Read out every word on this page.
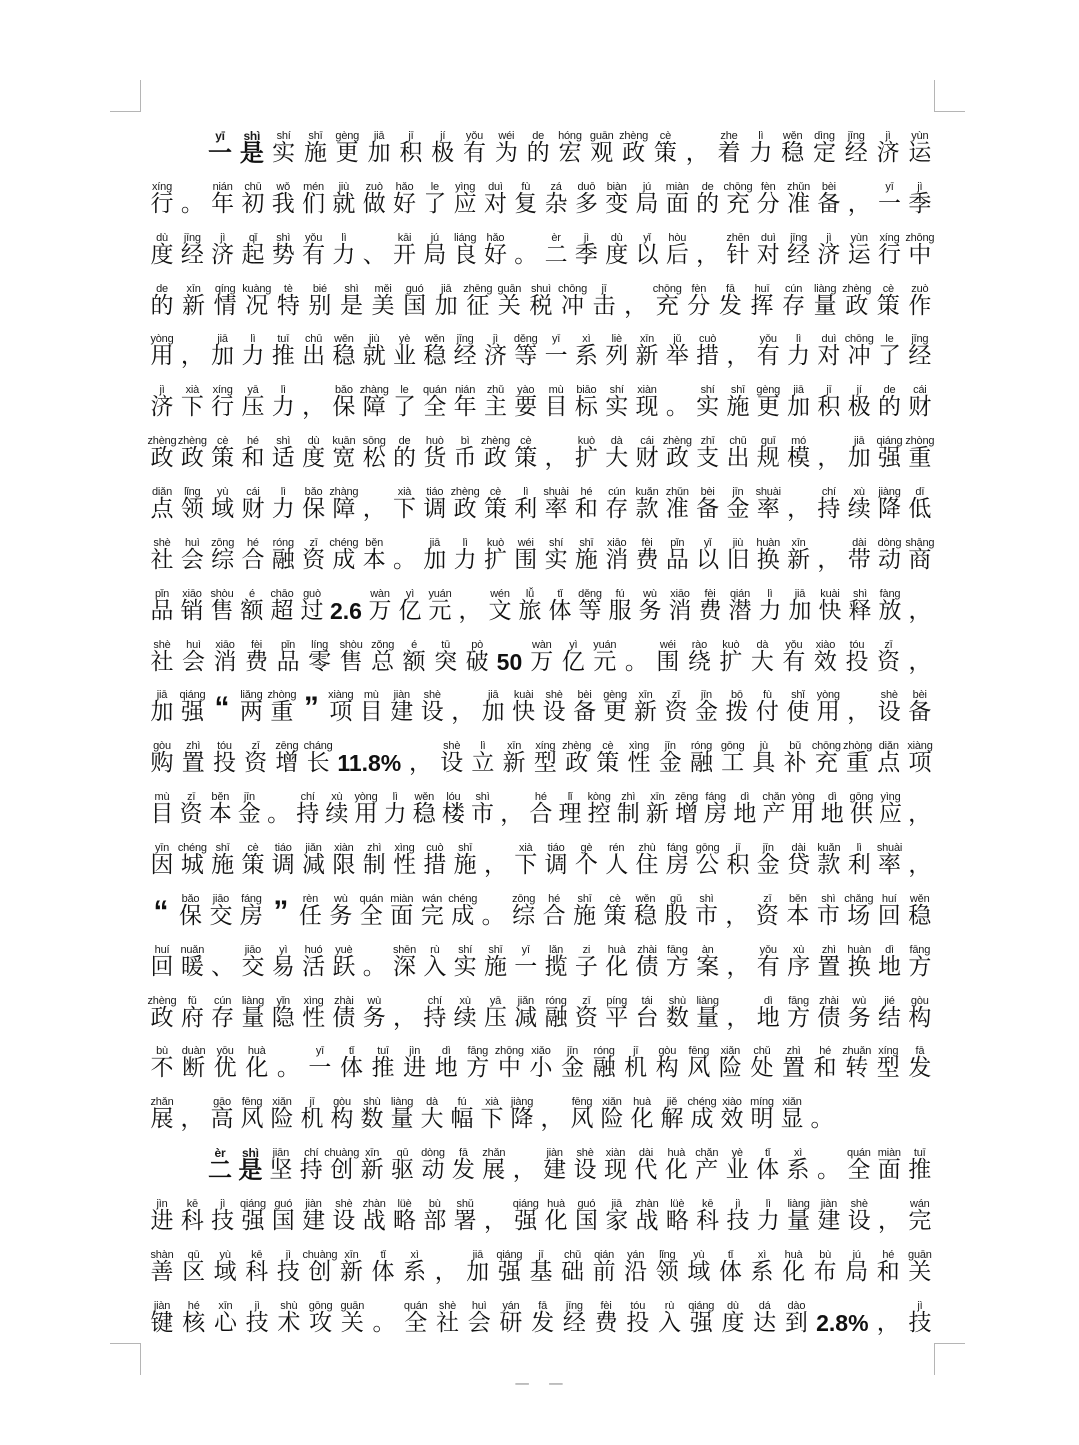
yī
一
shì
是
shí
实
shī
施
gèng
更
jiā
加
jī
积
jí
极
yǒu
有
wéi
为
de
的
hóng
宏
guān
观
zhèng
政
cè
策 ，
zhe
着
lì
力
wěn
稳
dìng
定
jīng
经
jì
济
yùn
运
xíng
行 。
nián
年
chū
初
wǒ
我
mén
们
jiù
就
zuò
做
hǎo
好
le
了
yìng
应
duì
对
fù
复
zá
杂
duō
多
biàn
变
jú
局
miàn
面
de
的
chōng
充
fèn
分
zhǔn
准
bèi
备 ，
yī
一
jì
季
dù
度
jīng
经
jì
济
qǐ
起
shì
势
yǒu
有
lì
力 、
kāi
开
jú
局
liáng
良
hǎo
好 。
èr
二
jì
季
dù
度
yǐ
以
hòu
后 ，
zhēn
针
duì
对
jīng
经
jì
济
yùn
运
xíng
行
zhōng
中
de
的
xīn
新
qíng
情
kuàng
况
tè
特
bié
别
shì
是
měi
美
guó
国
jiā
加
zhēng
征
guān
关
shuì
税
chōng
冲
jī
击 ，
chōng
充
fèn
分
fā
发
huī
挥
cún
存
liàng
量
zhèng
政
cè
策
zuò
作
yòng
用 ，
jiā
加
lì
力
tuī
推
chū
出
wěn
稳
jiù
就
yè
业
wěn
稳
jīng
经
jì
济
děng
等
yī
一
xì
系
liè
列
xīn
新
jǔ
举
cuò
措 ，
yǒu
有
lì
力
duì
对
chōng
冲
le
了
jīng
经
jì
济
xià
下
xíng
行
yā
压
lì
力 ，
bǎo
保
zhàng
障
le
了
quán
全
nián
年
zhǔ
主
yào
要
mù
目
biāo
标
shí
实
xiàn
现 。
shí
实
shī
施
gèng
更
jiā
加
jī
积
jí
极
de
的
cái
财
zhèng
政
zhèng
政
cè
策
hé
和
shì
适
dù
度
kuān
宽
sōng
松
de
的
huò
货
bì
币
zhèng
政
cè
策 ，
kuò
扩
dà
大
cái
财
zhèng
政
zhī
支
chū
出
guī
规
mó
模 ，
jiā
加
qiáng
强
zhòng
重
diǎn
点
lǐng
领
yù
域
cái
财
lì
力
bǎo
保
zhàng
障 ，
xià
下
tiáo
调
zhèng
政
cè
策
lì
利
shuài
率
hé
和
cún
存
kuǎn
款
zhǔn
准
bèi
备
jīn
金
shuài
率 ，
chí
持
xù
续
jiàng
降
dī
低
shè
社
huì
会
zōng
综
hé
合
róng
融
zī
资
chéng
成
běn
本 。
jiā
加
lì
力
kuò
扩
wéi
围
shí
实
shī
施
xiāo
消
fèi
费
pǐn
品
yǐ
以
jiù
旧
huàn
换
xīn
新 ，
dài
带
dòng
动
shāng
商
pǐn
品
xiāo
销
shòu
售
é
额
chāo
超
guò
过 2.6
wàn
万
yì
亿
yuán
元 ，
wén
文
lǚ
旅
tǐ
体
děng
等
fú
服
wù
务
xiāo
消
fèi
费
qián
潜
lì
力
jiā
加
kuài
快
shì
释
fàng
放 ，
shè
社
huì
会
xiāo
消
fèi
费
pǐn
品
líng
零
shòu
售
zǒng
总
é
额
tū
突
pò
破 50
wàn
万
yì
亿
yuán
元 。
wéi
围
rào
绕
kuò
扩
dà
大
yǒu
有
xiào
效
tóu
投
zī
资 ，
jiā
加
qiáng
强 “ liǎng
两
zhòng
重 ” xiàng
项
mù
目
jiàn
建
shè
设 ，
jiā
加
kuài
快
shè
设
bèi
备
gèng
更
xīn
新
zī
资
jīn
金
bō
拨
fù
付
shǐ
使
yòng
用 ，
shè
设
bèi
备
gòu
购
zhì
置
tóu
投
zī
资
zēng
增
cháng
长 11.8% ，
shè
设
lì
立
xīn
新
xíng
型
zhèng
政
cè
策
xìng
性
jīn
金
róng
融
gōng
工
jù
具
bǔ
补
chōng
充
zhòng
重
diǎn
点
xiàng
项
mù
目
zī
资
běn
本
jīn
金 。
chí
持
xù
续
yòng
用
lì
力
wěn
稳
lóu
楼
shì
市 ，
hé
合
lǐ
理
kòng
控
zhì
制
xīn
新
zēng
增
fáng
房
dì
地
chǎn
产
yòng
用
dì
地
gōng
供
yìng
应 ，
yīn
因
chéng
城
shī
施
cè
策
tiáo
调
jiǎn
减
xiàn
限
zhì
制
xìng
性
cuò
措
shī
施 ，
xià
下
tiáo
调
gè
个
rén
人
zhù
住
fáng
房
gōng
公
jī
积
jīn
金
dài
贷
kuǎn
款
lì
利
shuài
率 ，
“	bǎo
保
jiāo
交
fáng
房 ”	rèn
任
wù
务
quán
全
miàn
面
wán
完
chéng
成 。
zōng
综
hé
合
shī
施
cè
策
wěn
稳
gǔ
股
shì
市 ，
zī
资
běn
本
shì
市
chǎng
场
huí
回
wěn
稳
huí
回
nuǎn
暖 、
jiāo
交
yì
易
huó
活
yuè
跃 。
shēn
深
rù
入
shí
实
shī
施
yī
一
lǎn
揽
zi
子
huà
化
zhài
债
fāng
方
àn
案 ，
yǒu
有
xù
序
zhì
置
huàn
换
dì
地
fāng
方
zhèng
政
fǔ
府
cún
存
liàng
量
yǐn
隐
xìng
性
zhài
债
wù
务 ，
chí
持
xù
续
yā
压
jiǎn
减
róng
融
zī
资
píng
平
tái
台
shù
数
liàng
量 ，
dì
地
fāng
方
zhài
债
wù
务
jié
结
gòu
构
bù
不
duàn
断
yōu
优
huà
化 。
yī
一
tǐ
体
tuī
推
jìn
进
dì
地
fāng
方
zhōng
中
xiǎo
小
jīn
金
róng
融
jī
机
gòu
构
fēng
风
xiǎn
险
chǔ
处
zhì
置
hé
和
zhuǎn
转
xíng
型
fā
发
zhǎn
展 ，
gāo
高
fēng
风
xiǎn
险
jī
机
gòu
构
shù
数
liàng
量
dà
大
fú
幅
xià
下
jiàng
降 ，
fēng
风
xiǎn
险
huà
化
jiě
解
chéng
成
xiào
效
míng
明
xiǎn
显 。
èr
二
shì
是
jiān
坚
chí
持
chuàng
创
xīn
新
qū
驱
dòng
动
fā
发
zhǎn
展 ，
jiàn
建
shè
设
xiàn
现
dài
代
huà
化
chǎn
产
yè
业
tǐ
体
xì
系 。
quán
全
miàn
面
tuī
推
jìn
进
kē
科
jì
技
qiáng
强
guó
国
jiàn
建
shè
设
zhàn
战
lüè
略
bù
部
shǔ
署 ，
qiáng
强
huà
化
guó
国
jiā
家
zhàn
战
lüè
略
kē
科
jì
技
lì
力
liàng
量
jiàn
建
shè
设 ，
wán
完
shàn
善
qū
区
yù
域
kē
科
jì
技
chuàng
创
xīn
新
tǐ
体
xì
系 ，
jiā
加
qiáng
强
jī
基
chǔ
础
qián
前
yán
沿
lǐng
领
yù
域
tǐ
体
xì
系
huà
化
bù
布
jú
局
hé
和
guān
关
jiàn
键
hé
核
xīn
心
jì
技
shù
术
gōng
攻
guān
关 。
quán
全
shè
社
huì
会
yán
研
fā
发
jīng
经
fèi
费
tóu
投
rù
入
qiáng
强
dù
度
dá
达
dào
到 2.8% ，
jì
技
— —
